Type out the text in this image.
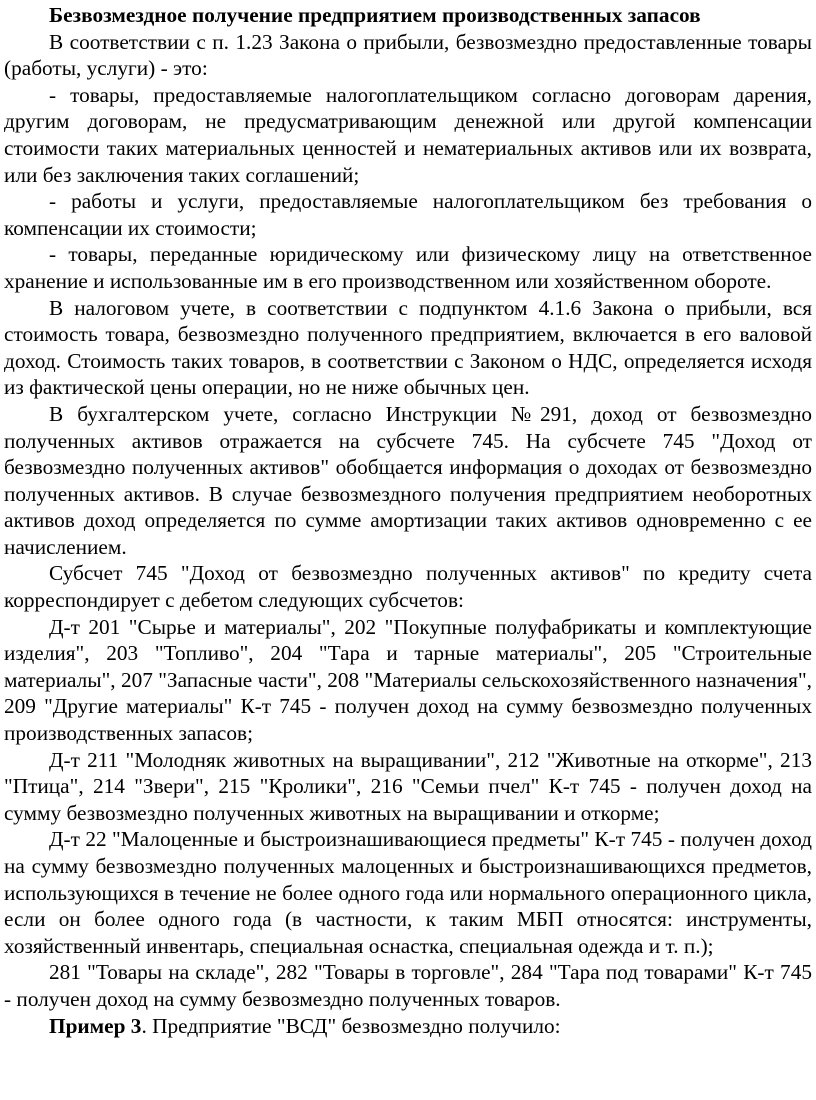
Безвозмездное получение предприятием производственных запасов

В соответствии с п. 1.23 Закона о прибыли, безвозмездно предоставленные товары (работы, услуги) - это:

- товары, предоставляемые налогоплательщиком согласно договорам дарения, другим договорам, не предусматривающим денежной или другой компенсации стоимости таких материальных ценностей и нематериальных активов или их возврата, или без заключения таких соглашений;

- работы и услуги, предоставляемые налогоплательщиком без требования о компенсации их стоимости;

- товары, переданные юридическому или физическому лицу на ответственное хранение и использованные им в его производственном или хозяйственном обороте.

В налоговом учете, в соответствии с подпунктом 4.1.6 Закона о прибыли, вся стоимость товара, безвозмездно полученного предприятием, включается в его валовой доход. Стоимость таких товаров, в соответствии с Законом о НДС, определяется исходя из фактической цены операции, но не ниже обычных цен.

В бухгалтерском учете, согласно Инструкции №291, доход от безвозмездно полученных активов отражается на субсчете 745. На субсчете 745 "Доход от безвозмездно полученных активов" обобщается информация о доходах от безвозмездно полученных активов. В случае безвозмездного получения предприятием необоротных активов доход определяется по сумме амортизации таких активов одновременно с ее начислением.

Субсчет 745 "Доход от безвозмездно полученных активов" по кредиту счета корреспондирует с дебетом следующих субсчетов:

Д-т 201 "Сырье и материалы", 202 "Покупные полуфабрикаты и комплектующие изделия", 203 "Топливо", 204 "Тара и тарные материалы", 205 "Строительные материалы", 207 "Запасные части", 208 "Материалы сельскохозяйственного назначения", 209 "Другие материалы" К-т 745 - получен доход на сумму безвозмездно полученных производственных запасов;

Д-т 211 "Молодняк животных на выращивании", 212 "Животные на откорме", 213 "Птица", 214 "Звери", 215 "Кролики", 216 "Семьи пчел" К-т 745 - получен доход на сумму безвозмездно полученных животных на выращивании и откорме;

Д-т 22 "Малоценные и быстроизнашивающиеся предметы" К-т 745 - получен доход на сумму безвозмездно полученных малоценных и быстроизнашивающихся предметов, использующихся в течение не более одного года или нормального операционного цикла, если он более одного года (в частности, к таким МБП относятся: инструменты, хозяйственный инвентарь, специальная оснастка, специальная одежда и т. п.);

281 "Товары на складе", 282 "Товары в торговле", 284 "Тара под товарами" К-т 745 - получен доход на сумму безвозмездно полученных товаров.

Пример 3. Предприятие "ВСД" безвозмездно получило:
